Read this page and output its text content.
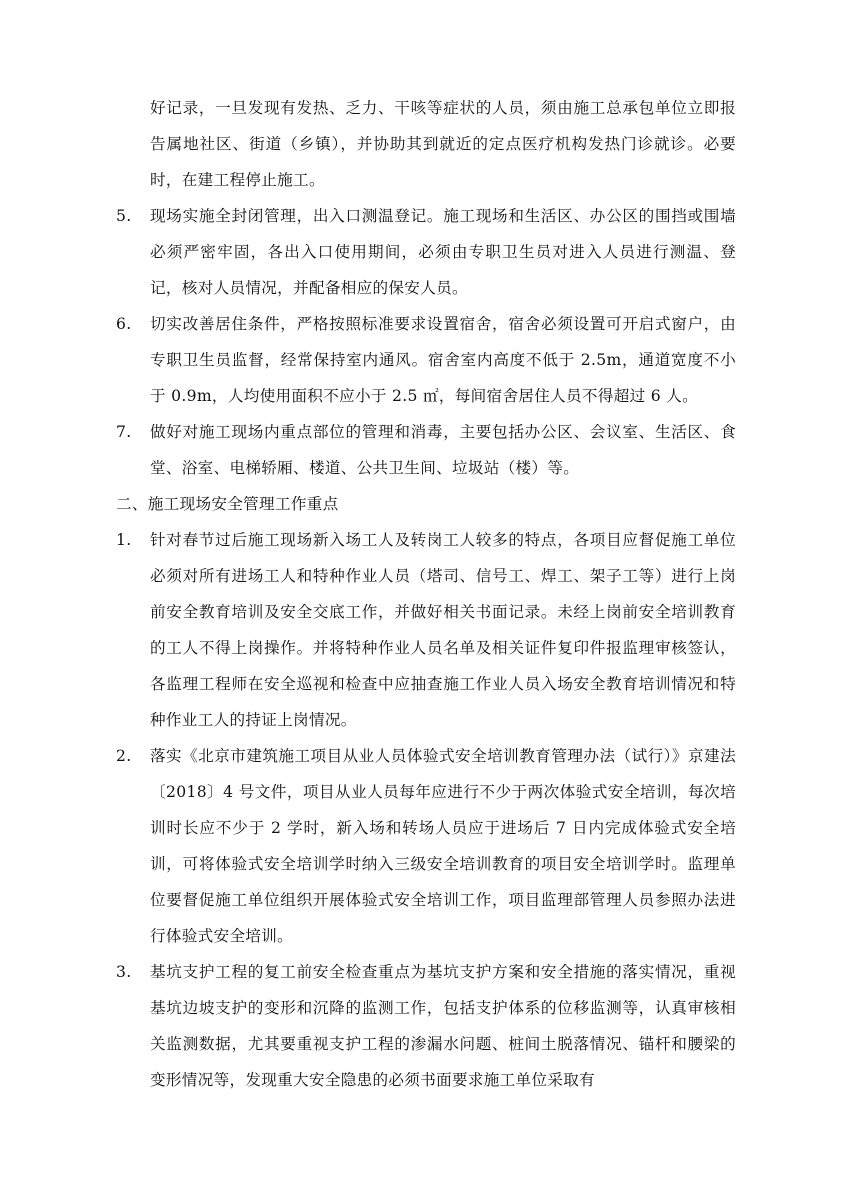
好记录，一旦发现有发热、乏力、干咳等症状的人员，须由施工总承包单位立即报告属地社区、街道（乡镇），并协助其到就近的定点医疗机构发热门诊就诊。必要时，在建工程停止施工。

5.	现场实施全封闭管理，出入口测温登记。施工现场和生活区、办公区的围挡或围墙必须严密牢固，各出入口使用期间，必须由专职卫生员对进入人员进行测温、登记，核对人员情况，并配备相应的保安人员。
6.	切实改善居住条件，严格按照标准要求设置宿舍，宿舍必须设置可开启式窗户，由专职卫生员监督，经常保持室内通风。宿舍室内高度不低于 2.5m，通道宽度不小于 0.9m，人均使用面积不应小于 2.5 ㎡，每间宿舍居住人员不得超过 6 人。
7.	做好对施工现场内重点部位的管理和消毒，主要包括办公区、会议室、生活区、食堂、浴室、电梯轿厢、楼道、公共卫生间、垃圾站（楼）等。

二、施工现场安全管理工作重点

1.	针对春节过后施工现场新入场工人及转岗工人较多的特点，各项目应督促施工单位必须对所有进场工人和特种作业人员（塔司、信号工、焊工、架子工等）进行上岗前安全教育培训及安全交底工作，并做好相关书面记录。未经上岗前安全培训教育的工人不得上岗操作。并将特种作业人员名单及相关证件复印件报监理审核签认，各监理工程师在安全巡视和检查中应抽查施工作业人员入场安全教育培训情况和特种作业工人的持证上岗情况。
2.	落实《北京市建筑施工项目从业人员体验式安全培训教育管理办法（试行）》京建法〔2018〕4 号文件，项目从业人员每年应进行不少于两次体验式安全培训，每次培训时长应不少于 2 学时，新入场和转场人员应于进场后 7 日内完成体验式安全培训，可将体验式安全培训学时纳入三级安全培训教育的项目安全培训学时。监理单位要督促施工单位组织开展体验式安全培训工作，项目监理部管理人员参照办法进行体验式安全培训。
3.	基坑支护工程的复工前安全检查重点为基坑支护方案和安全措施的落实情况，重视基坑边坡支护的变形和沉降的监测工作，包括支护体系的位移监测等，认真审核相关监测数据，尤其要重视支护工程的渗漏水问题、桩间土脱落情况、锚杆和腰梁的变形情况等，发现重大安全隐患的必须书面要求施工单位采取有
